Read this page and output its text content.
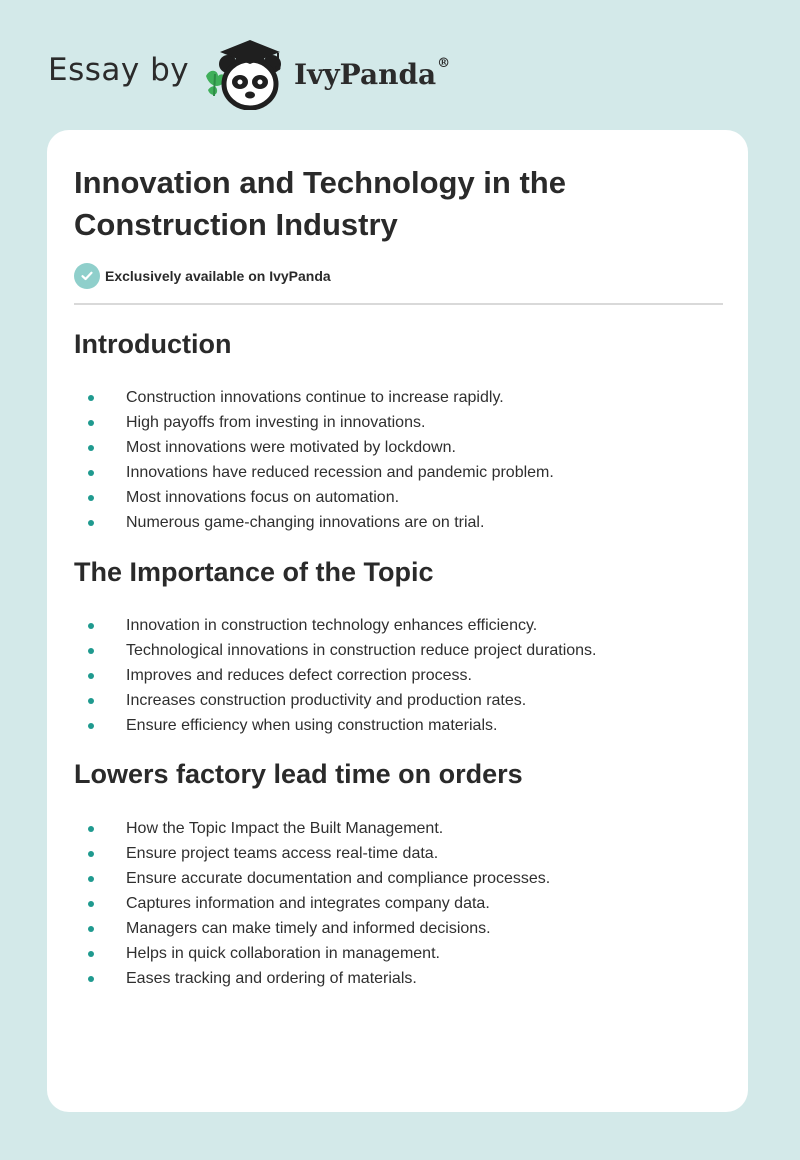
Essay by	IvyPanda®
Innovation and Technology in the Construction Industry
Exclusively available on IvyPanda
Introduction
Construction innovations continue to increase rapidly.
High payoffs from investing in innovations.
Most innovations were motivated by lockdown.
Innovations have reduced recession and pandemic problem.
Most innovations focus on automation.
Numerous game-changing innovations are on trial.
The Importance of the Topic
Innovation in construction technology enhances efficiency.
Technological innovations in construction reduce project durations.
Improves and reduces defect correction process.
Increases construction productivity and production rates.
Ensure efficiency when using construction materials.
Lowers factory lead time on orders
How the Topic Impact the Built Management.
Ensure project teams access real-time data.
Ensure accurate documentation and compliance processes.
Captures information and integrates company data.
Managers can make timely and informed decisions.
Helps in quick collaboration in management.
Eases tracking and ordering of materials.
